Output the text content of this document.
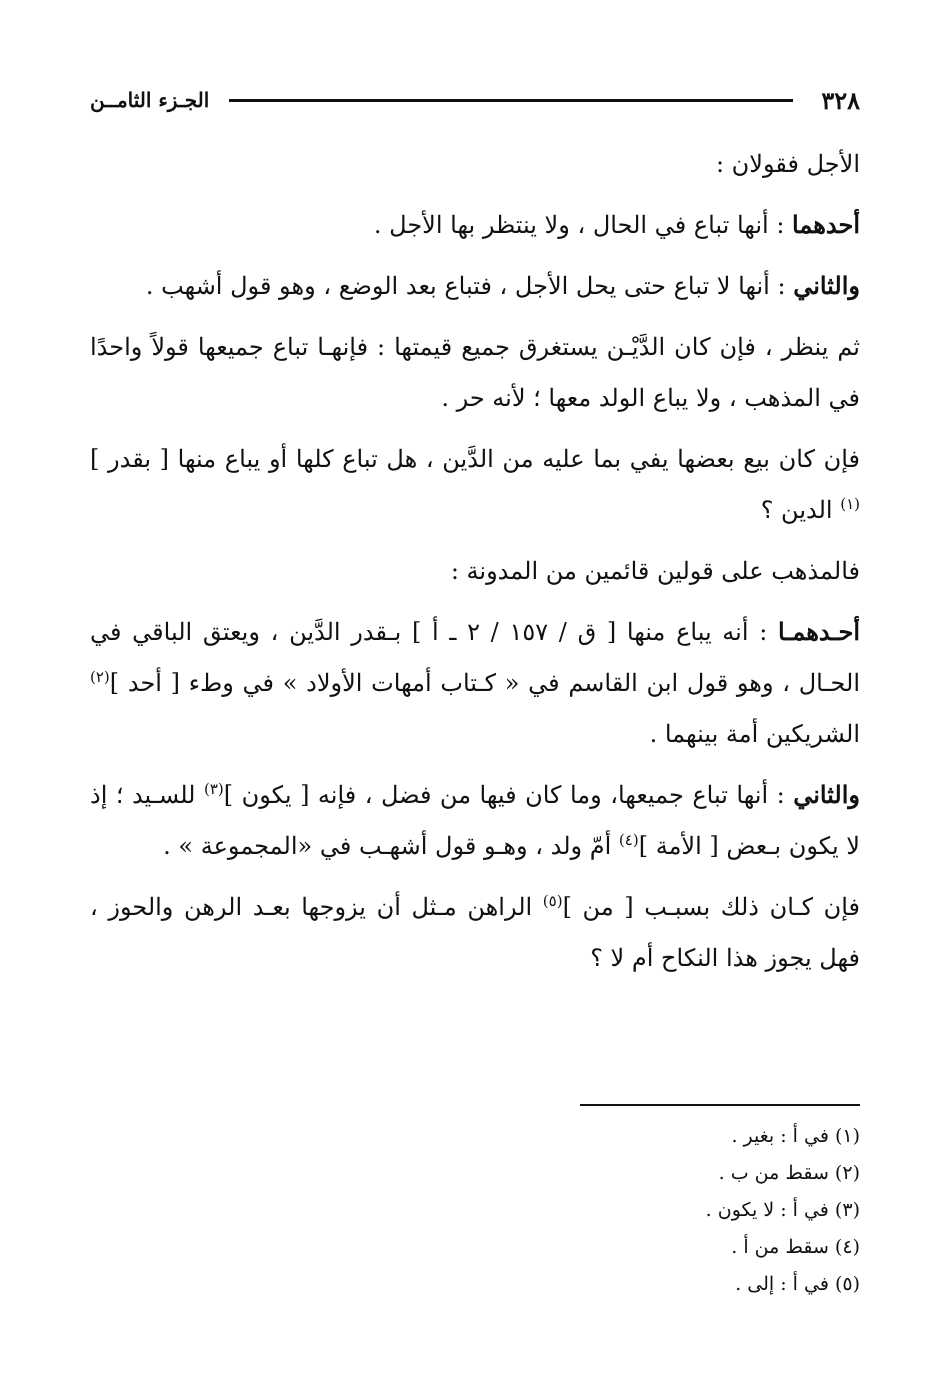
٣٢٨
الجـزء الثامــن

الأجل فقولان :

أحدهما : أنها تباع في الحال ، ولا ينتظر بها الأجل .

والثاني : أنها لا تباع حتى يحل الأجل ، فتباع بعد الوضع ، وهو قول أشهب .

ثم ينظر ، فإن كان الدَّيْـن يستغرق جميع قيمتها : فإنهـا تباع جميعها قولاً واحدًا في المذهب ، ولا يباع الولد معها ؛ لأنه حر .

فإن كان بيع بعضها يفي بما عليه من الدَّين ، هل تباع كلها أو يباع منها [ بقدر ]$^{(١)}$ الدين ؟

فالمذهب على قولين قائمين من المدونة :

أحـدهمـا : أنه يباع منها [ ق / ١٥٧ / ٢ ـ أ ] بـقدر الدَّين ، ويعتق الباقي في الحـال ، وهو قول ابن القاسم في « كـتاب أمهات الأولاد » في وطء [ أحد ]$^{(٢)}$ الشريكين أمة بينهما .

والثاني : أنها تباع جميعها، وما كان فيها من فضل ، فإنه [ يكون ]$^{(٣)}$ للسـيد ؛ إذ لا يكون بـعض [ الأمة ]$^{(٤)}$ أمّ ولد ، وهـو قول أشهـب في «المجموعة » .

فإن كـان ذلك بسبـب [ من ]$^{(٥)}$ الراهن مـثل أن يزوجها بعـد الرهن والحوز ، فهل يجوز هذا النكاح أم لا ؟

(١) في أ : بغير .
(٢) سقط من ب .
(٣) في أ : لا يكون .
(٤) سقط من أ .
(٥) في أ : إلى .
